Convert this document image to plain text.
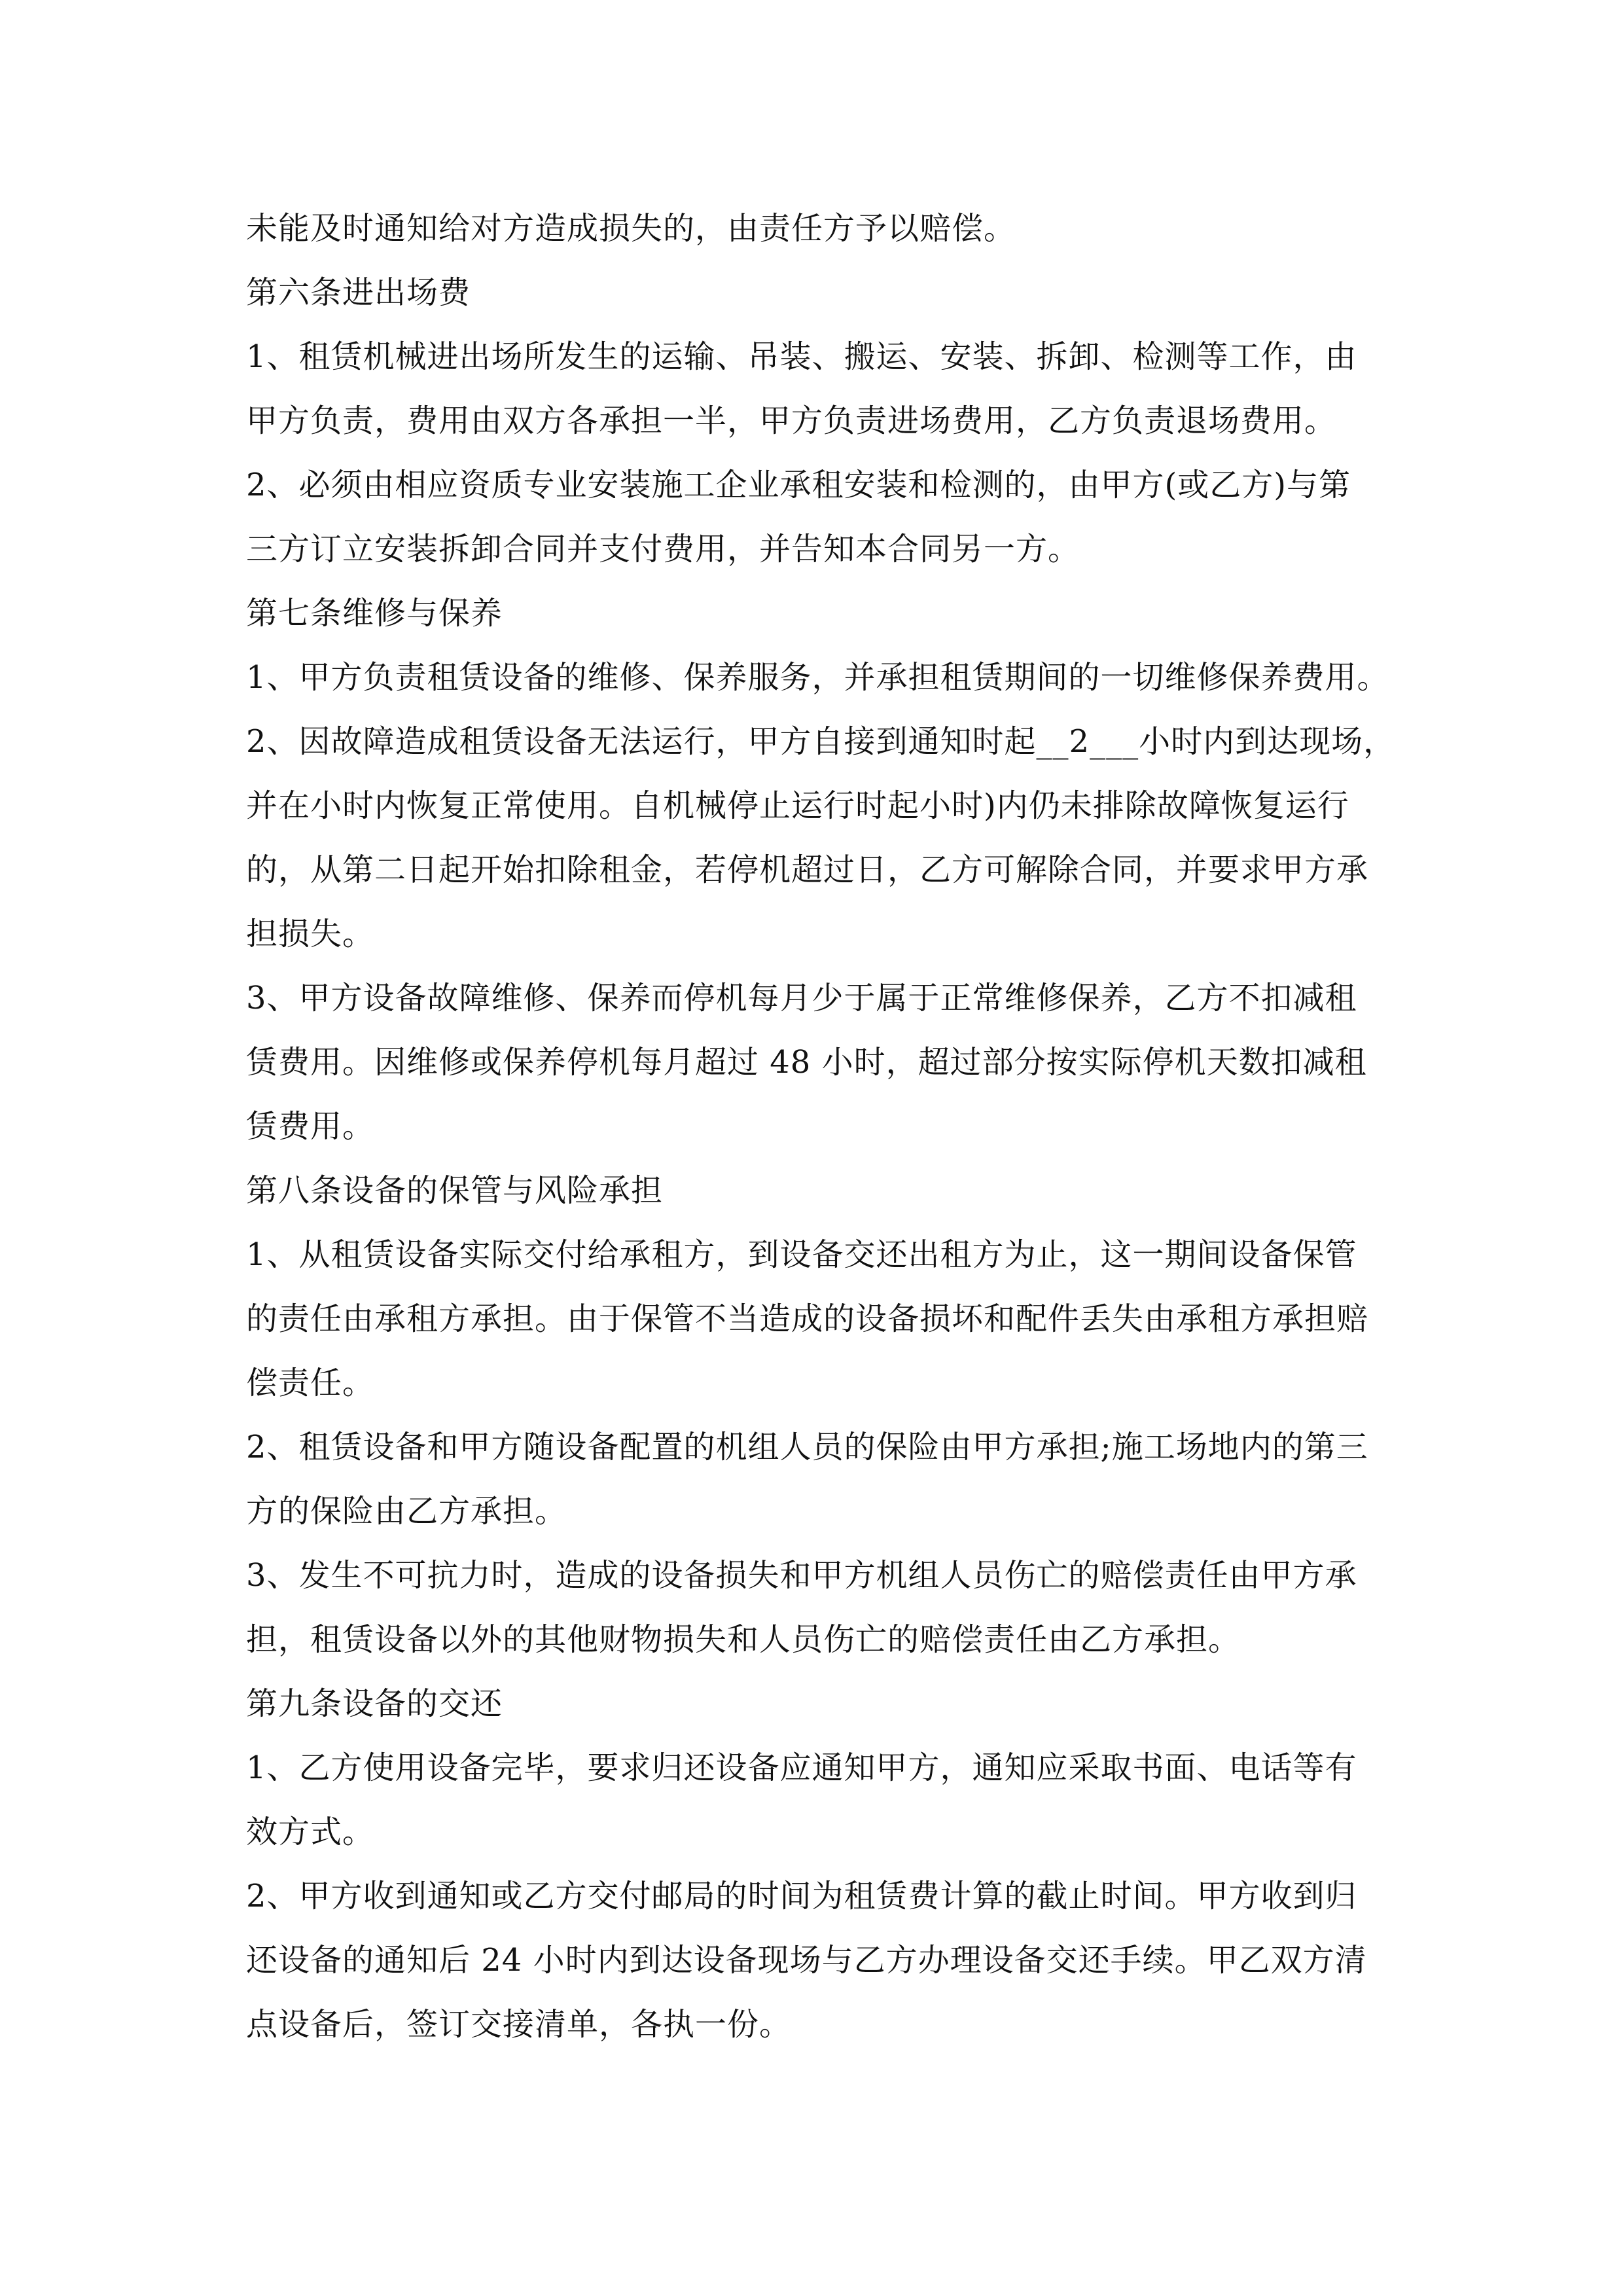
未能及时通知给对方造成损失的，由责任方予以赔偿。
第六条进出场费
1、租赁机械进出场所发生的运输、吊装、搬运、安装、拆卸、检测等工作，由
甲方负责，费用由双方各承担一半，甲方负责进场费用，乙方负责退场费用。
2、必须由相应资质专业安装施工企业承租安装和检测的，由甲方(或乙方)与第
三方订立安装拆卸合同并支付费用，并告知本合同另一方。
第七条维修与保养
1、甲方负责租赁设备的维修、保养服务，并承担租赁期间的一切维修保养费用。
2、因故障造成租赁设备无法运行，甲方自接到通知时起__2___小时内到达现场，
并在小时内恢复正常使用。自机械停止运行时起小时)内仍未排除故障恢复运行
的，从第二日起开始扣除租金，若停机超过日，乙方可解除合同，并要求甲方承
担损失。
3、甲方设备故障维修、保养而停机每月少于属于正常维修保养，乙方不扣减租
赁费用。因维修或保养停机每月超过 48 小时，超过部分按实际停机天数扣减租
赁费用。
第八条设备的保管与风险承担
1、从租赁设备实际交付给承租方，到设备交还出租方为止，这一期间设备保管
的责任由承租方承担。由于保管不当造成的设备损坏和配件丢失由承租方承担赔
偿责任。
2、租赁设备和甲方随设备配置的机组人员的保险由甲方承担;施工场地内的第三
方的保险由乙方承担。
3、发生不可抗力时，造成的设备损失和甲方机组人员伤亡的赔偿责任由甲方承
担，租赁设备以外的其他财物损失和人员伤亡的赔偿责任由乙方承担。
第九条设备的交还
1、乙方使用设备完毕，要求归还设备应通知甲方，通知应采取书面、电话等有
效方式。
2、甲方收到通知或乙方交付邮局的时间为租赁费计算的截止时间。甲方收到归
还设备的通知后 24 小时内到达设备现场与乙方办理设备交还手续。甲乙双方清
点设备后，签订交接清单，各执一份。
